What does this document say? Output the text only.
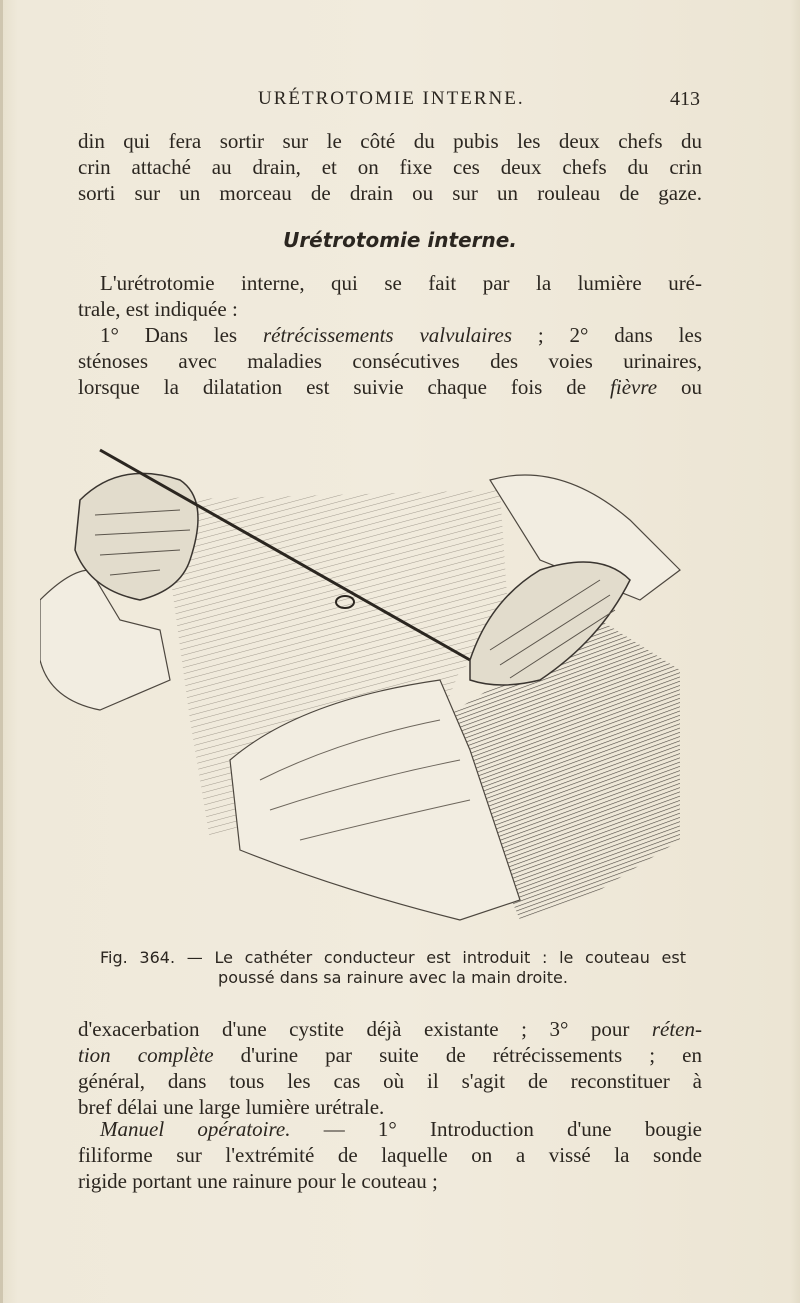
URÉTROTOMIE INTERNE.	413
din qui fera sortir sur le côté du pubis les deux chefs du
crin attaché au drain, et on fixe ces deux chefs du crin
sorti sur un morceau de drain ou sur un rouleau de gaze.
Urétrotomie interne.
L'urétrotomie interne, qui se fait par la lumière uré-
trale, est indiquée :
1° Dans les rétrécissements valvulaires ; 2° dans les
sténoses avec maladies consécutives des voies urinaires,
lorsque la dilatation est suivie chaque fois de fièvre ou
Fig. 364. — Le cathéter conducteur est introduit : le couteau est
poussé dans sa rainure avec la main droite.
d'exacerbation d'une cystite déjà existante ; 3° pour réten-
tion complète d'urine par suite de rétrécissements ; en
général, dans tous les cas où il s'agit de reconstituer à
bref délai une large lumière urétrale.
Manuel opératoire. — 1° Introduction d'une bougie
filiforme sur l'extrémité de laquelle on a vissé la sonde
rigide portant une rainure pour le couteau ;
